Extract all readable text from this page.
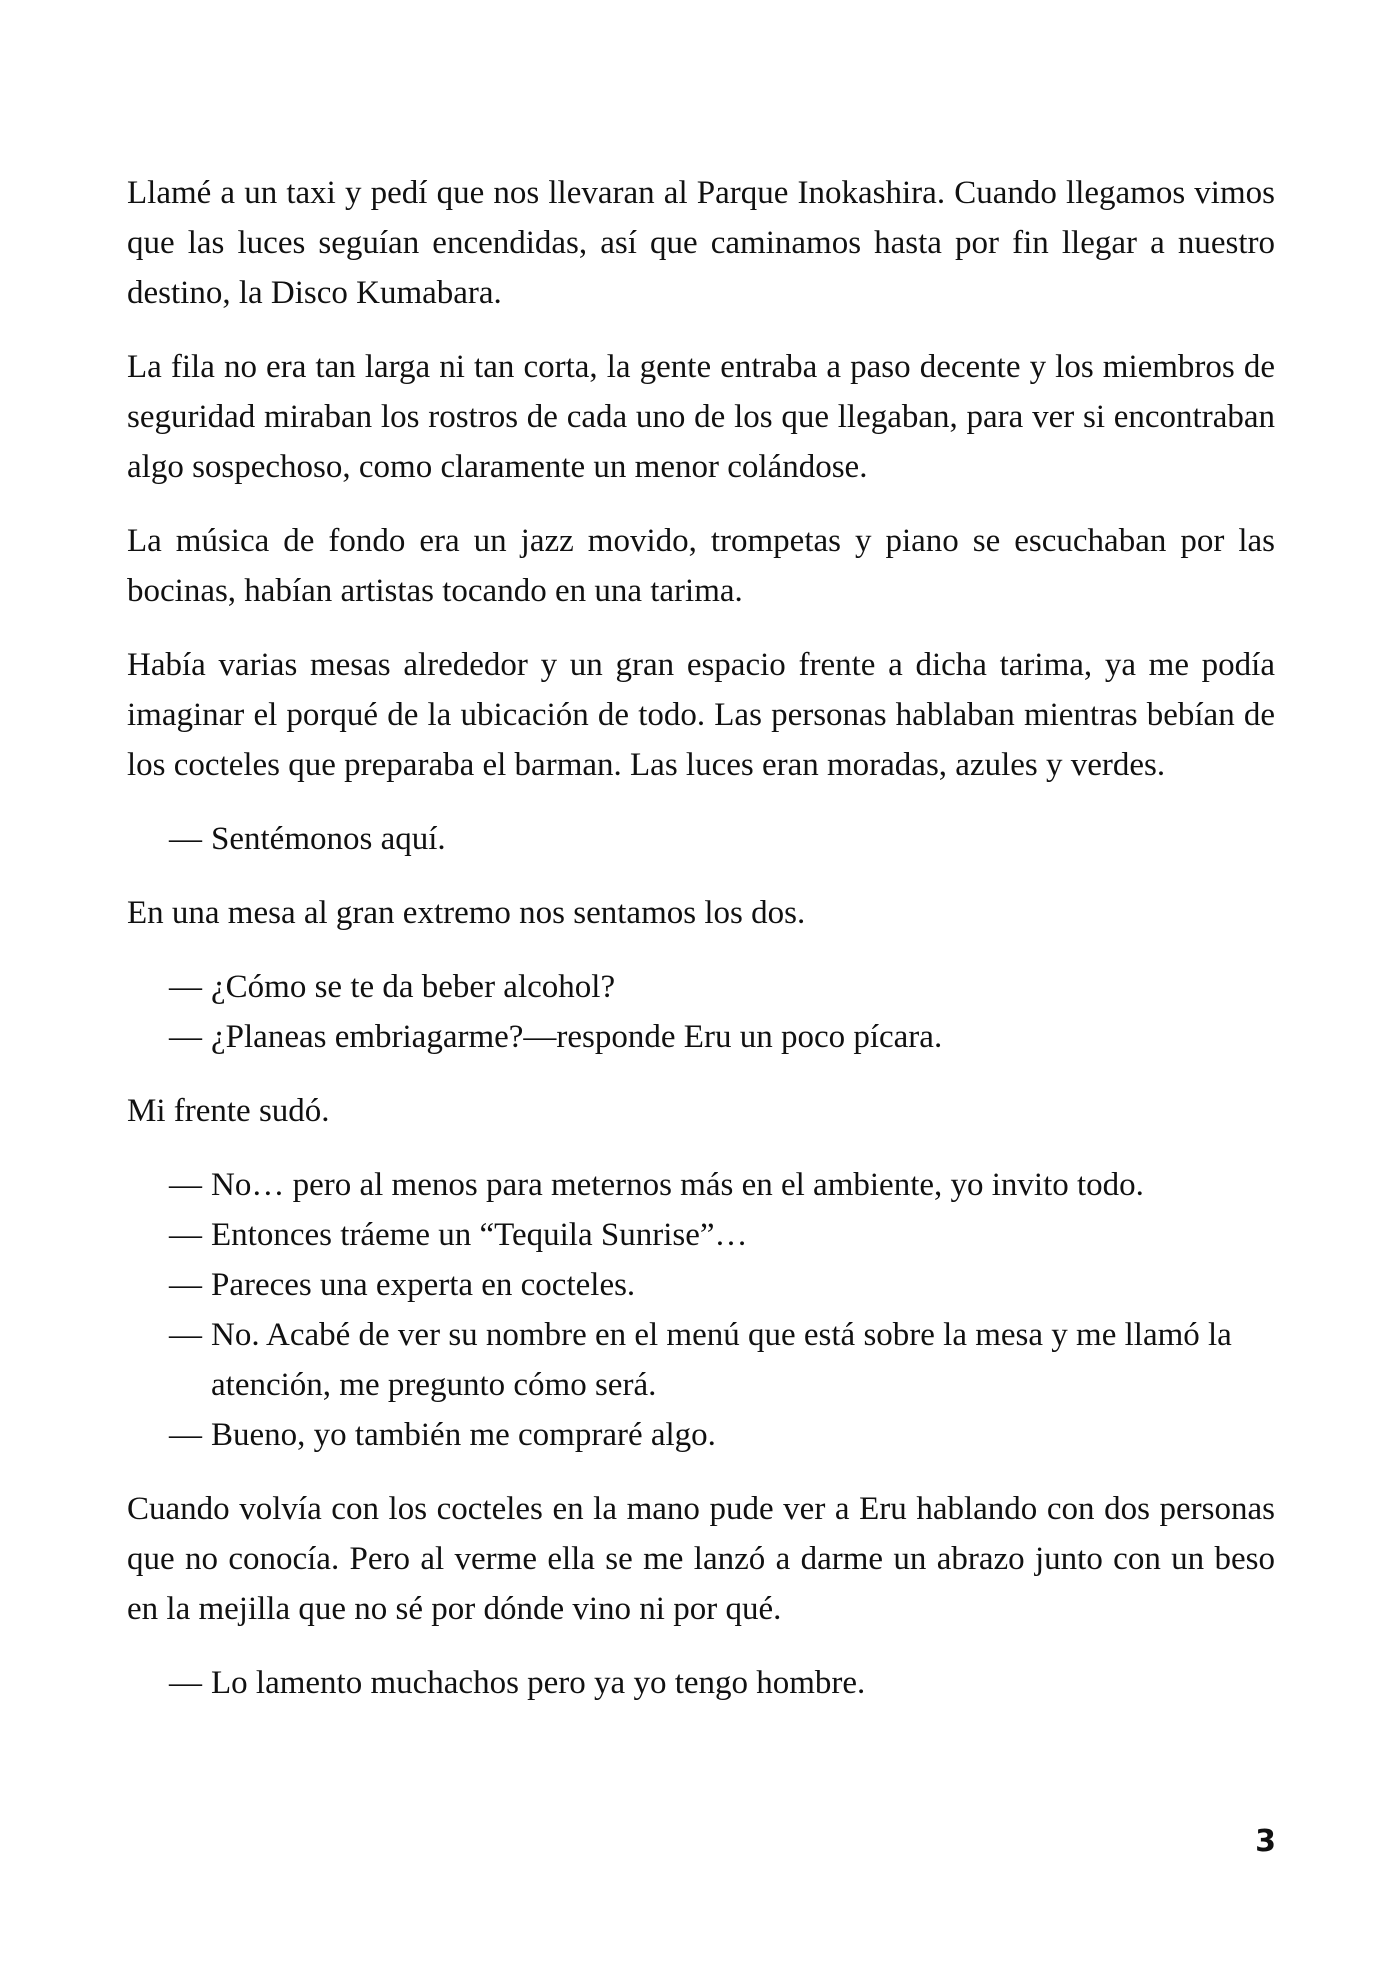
Llamé a un taxi y pedí que nos llevaran al Parque Inokashira. Cuando llegamos vimos que las luces seguían encendidas, así que caminamos hasta por fin llegar a nuestro destino, la Disco Kumabara.

La fila no era tan larga ni tan corta, la gente entraba a paso decente y los miembros de seguridad miraban los rostros de cada uno de los que llegaban, para ver si encontraban algo sospechoso, como claramente un menor colándose.

La música de fondo era un jazz movido, trompetas y piano se escuchaban por las bocinas, habían artistas tocando en una tarima.

Había varias mesas alrededor y un gran espacio frente a dicha tarima, ya me podía imaginar el porqué de la ubicación de todo. Las personas hablaban mientras bebían de los cocteles que preparaba el barman. Las luces eran moradas, azules y verdes.

— Sentémonos aquí.

En una mesa al gran extremo nos sentamos los dos.

— ¿Cómo se te da beber alcohol?
— ¿Planeas embriagarme?—responde Eru un poco pícara.

Mi frente sudó.

— No… pero al menos para meternos más en el ambiente, yo invito todo.
— Entonces tráeme un “Tequila Sunrise”…
— Pareces una experta en cocteles.
— No. Acabé de ver su nombre en el menú que está sobre la mesa y me llamó la atención, me pregunto cómo será.
— Bueno, yo también me compraré algo.

Cuando volvía con los cocteles en la mano pude ver a Eru hablando con dos personas que no conocía. Pero al verme ella se me lanzó a darme un abrazo junto con un beso en la mejilla que no sé por dónde vino ni por qué.

— Lo lamento muchachos pero ya yo tengo hombre.
3
